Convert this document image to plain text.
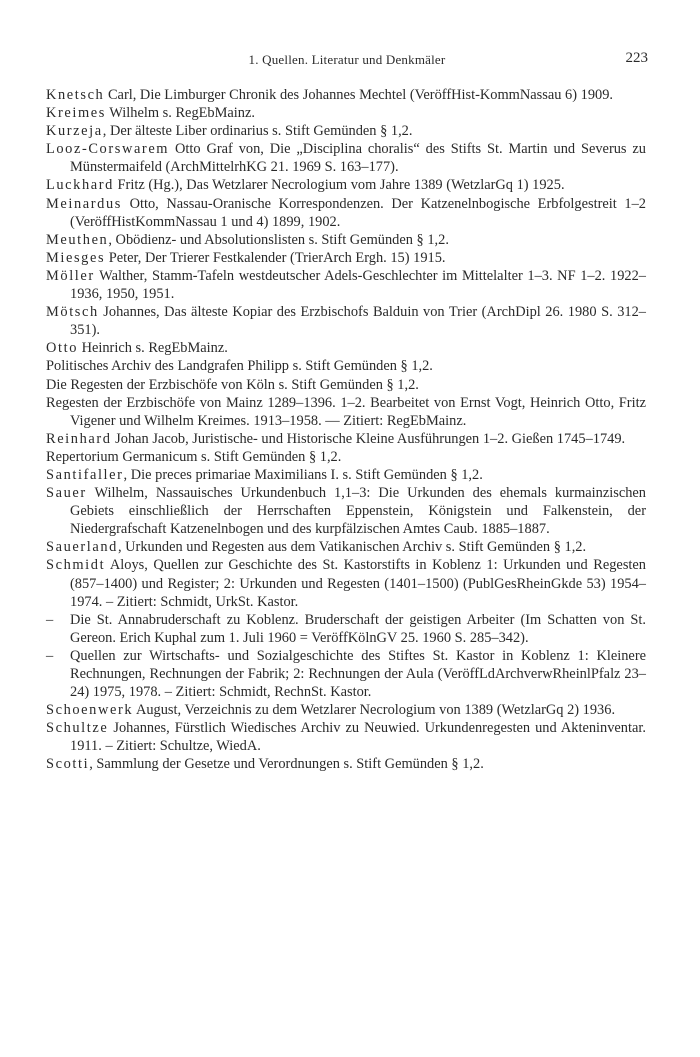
1. Quellen. Literatur und Denkmäler	223
Knetsch Carl, Die Limburger Chronik des Johannes Mechtel (VeröffHist-KommNassau 6) 1909.
Kreimes Wilhelm s. RegEbMainz.
Kurzeja, Der älteste Liber ordinarius s. Stift Gemünden § 1,2.
Looz-Corswarem Otto Graf von, Die „Disciplina choralis“ des Stifts St. Martin und Severus zu Münstermaifeld (ArchMittelrhKG 21. 1969 S. 163–177).
Luckhard Fritz (Hg.), Das Wetzlarer Necrologium vom Jahre 1389 (WetzlarGq 1) 1925.
Meinardus Otto, Nassau-Oranische Korrespondenzen. Der Katzenelnbogische Erbfolgestreit 1–2 (VeröffHistKommNassau 1 und 4) 1899, 1902.
Meuthen, Obödienz- und Absolutionslisten s. Stift Gemünden § 1,2.
Miesges Peter, Der Trierer Festkalender (TrierArch Ergh. 15) 1915.
Möller Walther, Stamm-Tafeln westdeutscher Adels-Geschlechter im Mittelalter 1–3. NF 1–2. 1922–1936, 1950, 1951.
Mötsch Johannes, Das älteste Kopiar des Erzbischofs Balduin von Trier (ArchDipl 26. 1980 S. 312–351).
Otto Heinrich s. RegEbMainz.
Politisches Archiv des Landgrafen Philipp s. Stift Gemünden § 1,2.
Die Regesten der Erzbischöfe von Köln s. Stift Gemünden § 1,2.
Regesten der Erzbischöfe von Mainz 1289–1396. 1–2. Bearbeitet von Ernst Vogt, Heinrich Otto, Fritz Vigener und Wilhelm Kreimes. 1913–1958. — Zitiert: RegEbMainz.
Reinhard Johan Jacob, Juristische- und Historische Kleine Ausführungen 1–2. Gießen 1745–1749.
Repertorium Germanicum s. Stift Gemünden § 1,2.
Santifaller, Die preces primariae Maximilians I. s. Stift Gemünden § 1,2.
Sauer Wilhelm, Nassauisches Urkundenbuch 1,1–3: Die Urkunden des ehemals kurmainzischen Gebiets einschließlich der Herrschaften Eppenstein, Königstein und Falkenstein, der Niedergrafschaft Katzenelnbogen und des kurpfälzischen Amtes Caub. 1885–1887.
Sauerland, Urkunden und Regesten aus dem Vatikanischen Archiv s. Stift Gemünden § 1,2.
Schmidt Aloys, Quellen zur Geschichte des St. Kastorstifts in Koblenz 1: Urkunden und Regesten (857–1400) und Register; 2: Urkunden und Regesten (1401–1500) (PublGesRheinGkde 53) 1954–1974. – Zitiert: Schmidt, UrkSt. Kastor.
– Die St. Annabruderschaft zu Koblenz. Bruderschaft der geistigen Arbeiter (Im Schatten von St. Gereon. Erich Kuphal zum 1. Juli 1960 = VeröffKölnGV 25. 1960 S. 285–342).
– Quellen zur Wirtschafts- und Sozialgeschichte des Stiftes St. Kastor in Koblenz 1: Kleinere Rechnungen, Rechnungen der Fabrik; 2: Rechnungen der Aula (VeröffLdArchverwRheinlPfalz 23–24) 1975, 1978. – Zitiert: Schmidt, RechnSt. Kastor.
Schoenwerk August, Verzeichnis zu dem Wetzlarer Necrologium von 1389 (WetzlarGq 2) 1936.
Schultze Johannes, Fürstlich Wiedisches Archiv zu Neuwied. Urkundenregesten und Akteninventar. 1911. – Zitiert: Schultze, WiedA.
Scotti, Sammlung der Gesetze und Verordnungen s. Stift Gemünden § 1,2.
